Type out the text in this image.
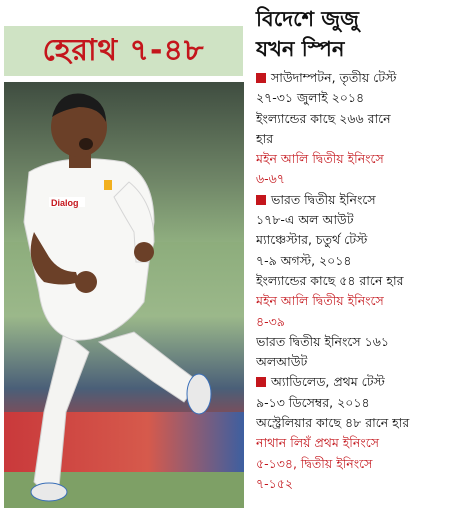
হেরাথ ৭-৪৮
Dialog
বিদেশে জুজু
যখন স্পিন
সাউদাম্পটন, তৃতীয় টেস্ট
২৭-৩১ জুলাই ২০১৪
ইংল্যান্ডের কাছে ২৬৬ রানে
হার
মইন আলি দ্বিতীয় ইনিংসে
৬-৬৭
ভারত দ্বিতীয় ইনিংসে
১৭৮-এ অল আউট
ম্যাঞ্চেস্টার, চতুর্থ টেস্ট
৭-৯ অগস্ট, ২০১৪
ইংল্যান্ডের কাছে ৫৪ রানে হার
মইন আলি দ্বিতীয় ইনিংসে
৪-৩৯
ভারত দ্বিতীয় ইনিংসে ১৬১
অলআউট
অ্যাডিলেড, প্রথম টেস্ট
৯-১৩ ডিসেম্বর, ২০১৪
অস্ট্রেলিয়ার কাছে ৪৮ রানে হার
নাথান লিয়ঁ প্রথম ইনিংসে
৫-১৩৪, দ্বিতীয় ইনিংসে
৭-১৫২
